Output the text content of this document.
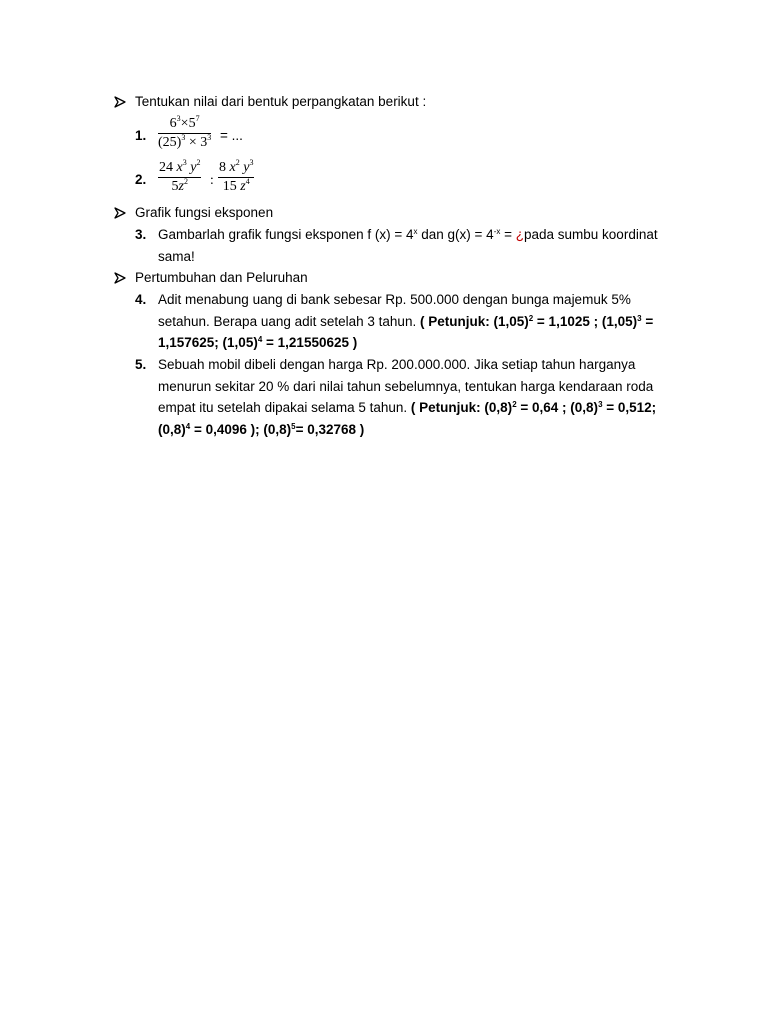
Tentukan nilai dari bentuk perpangkatan berikut :
1. $\frac{6^3\times 5^7}{(25)^3 \times 3^3}$ = ...
2. $\frac{24 x^3 y^2}{5z^2}$ : $\frac{8 x^2 y^3}{15 z^4}$
Grafik fungsi eksponen
3. Gambarlah grafik fungsi eksponen f $(x) = 4^x$ dan $g(x) = 4^{-x}$ = ¿pada sumbu koordinat
sama!
Pertumbuhan dan Peluruhan
4. Adit menabung uang di bank sebesar Rp. 500.000 dengan bunga majemuk 5%
setahun. Berapa uang adit setelah 3 tahun. ( Petunjuk: $(1,05)^2 = 1,1025$ ; $(1,05)^3$ =
1,157625; $(1,05)^4 = 1,21550625$ )
5. Sebuah mobil dibeli dengan harga Rp. 200.000.000. Jika setiap tahun harganya
menurun sekitar 20 % dari nilai tahun sebelumnya, tentukan harga kendaraan roda
empat itu setelah dipakai selama 5 tahun. ( Petunjuk: $(0,8)^2 = 0,64$ ; $(0,8)^3 = 0,512$;
$(0,8)^4 = 0,4096$ ); $(0,8)^5= 0,32768$ )
